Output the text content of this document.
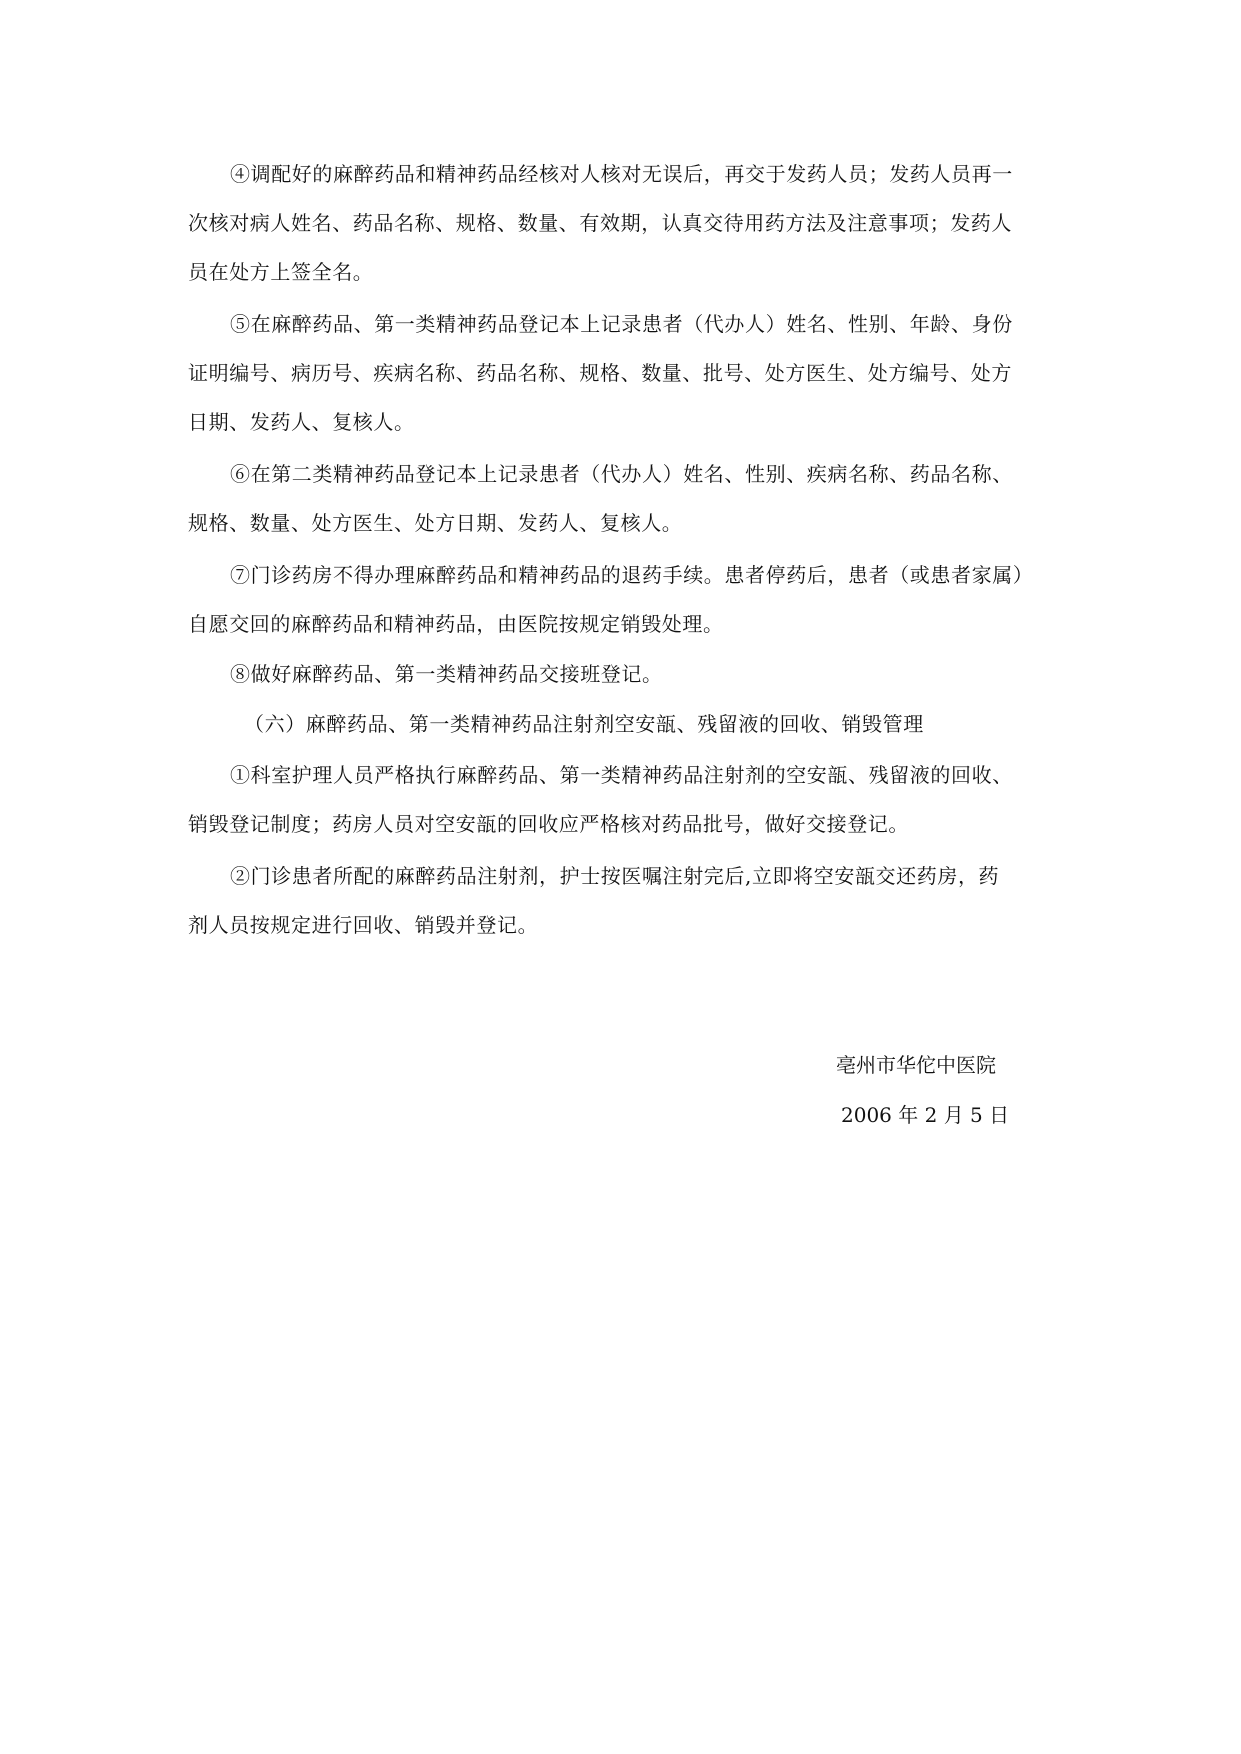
④调配好的麻醉药品和精神药品经核对人核对无误后，再交于发药人员；发药人员再一
次核对病人姓名、药品名称、规格、数量、有效期，认真交待用药方法及注意事项；发药人
员在处方上签全名。
⑤在麻醉药品、第一类精神药品登记本上记录患者（代办人）姓名、性别、年龄、身份
证明编号、病历号、疾病名称、药品名称、规格、数量、批号、处方医生、处方编号、处方
日期、发药人、复核人。
⑥在第二类精神药品登记本上记录患者（代办人）姓名、性别、疾病名称、药品名称、
规格、数量、处方医生、处方日期、发药人、复核人。
⑦门诊药房不得办理麻醉药品和精神药品的退药手续。患者停药后，患者（或患者家属）
自愿交回的麻醉药品和精神药品，由医院按规定销毁处理。
⑧做好麻醉药品、第一类精神药品交接班登记。
（六）麻醉药品、第一类精神药品注射剂空安瓿、残留液的回收、销毁管理
①科室护理人员严格执行麻醉药品、第一类精神药品注射剂的空安瓿、残留液的回收、
销毁登记制度；药房人员对空安瓿的回收应严格核对药品批号，做好交接登记。
②门诊患者所配的麻醉药品注射剂，护士按医嘱注射完后,立即将空安瓿交还药房，药
剂人员按规定进行回收、销毁并登记。
亳州市华佗中医院
2006 年 2 月 5 日
